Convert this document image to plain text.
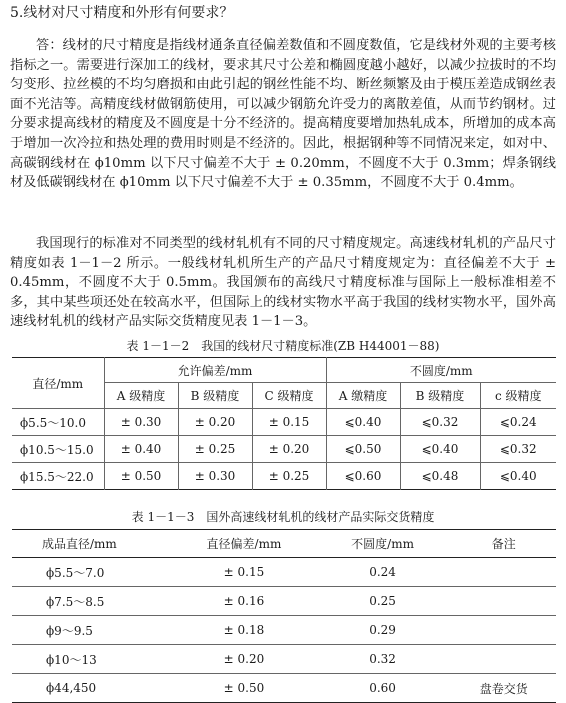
5.线材对尺寸精度和外形有何要求？

答：线材的尺寸精度是指线材通条直径偏差数值和不圆度数值，它是线材外观的主要考核指标之一。需要进行深加工的线材，要求其尺寸公差和椭圆度越小越好，以减少拉拔时的不均匀变形、拉丝模的不均匀磨损和由此引起的钢丝性能不均、断丝频繁及由于模压差造成钢丝表面不光洁等。高精度线材做钢筋使用，可以减少钢筋允许受力的离散差值，从而节约钢材。过分要求提高线材的精度及不圆度是十分不经济的。提高精度要增加热轧成本，所增加的成本高于增加一次冷拉和热处理的费用时则是不经济的。因此，根据钢种等不同情况来定，如对中、高碳钢线材在 ϕ10mm 以下尺寸偏差不大于 ± 0.20mm，不圆度不大于 0.3mm；焊条钢线材及低碳钢线材在 ϕ10mm 以下尺寸偏差不大于 ± 0.35mm，不圆度不大于 0.4mm。

我国现行的标准对不同类型的线材轧机有不同的尺寸精度规定。高速线材轧机的产品尺寸精度如表 1－1－2 所示。一般线材轧机所生产的产品尺寸精度规定为：直径偏差不大于 ± 0.45mm，不圆度不大于 0.5mm。我国颁布的高线尺寸精度标准与国际上一般标准相差不多，其中某些项还处在较高水平，但国际上的线材实物水平高于我国的线材实物水平，国外高速线材轧机的线材产品实际交货精度见表 1－1－3。

表 1－1－2　我国的线材尺寸精度标准(ZB H44001－88)
直径/mm	允许偏差/mm			不圆度/mm		
	A 级精度	B 级精度	C 级精度	A 缴精度	B 级精度	c 级精度
ϕ5.5～10.0	± 0.30	± 0.20	± 0.15	⩽0.40	⩽0.32	⩽0.24
ϕ10.5～15.0	± 0.40	± 0.25	± 0.20	⩽0.50	⩽0.40	⩽0.32
ϕ15.5～22.0	± 0.50	± 0.30	± 0.25	⩽0.60	⩽0.48	⩽0.40
表 1－1－3　国外高速线材轧机的线材产品实际交货精度
成品直径/mm	直径偏差/mm	不圆度/mm	备注
ϕ5.5～7.0	± 0.15	0.24	
ϕ7.5～8.5	± 0.16	0.25	
ϕ9～9.5	± 0.18	0.29	
ϕ10～13	± 0.20	0.32	
ϕ44,450	± 0.50	0.60	盘卷交货
